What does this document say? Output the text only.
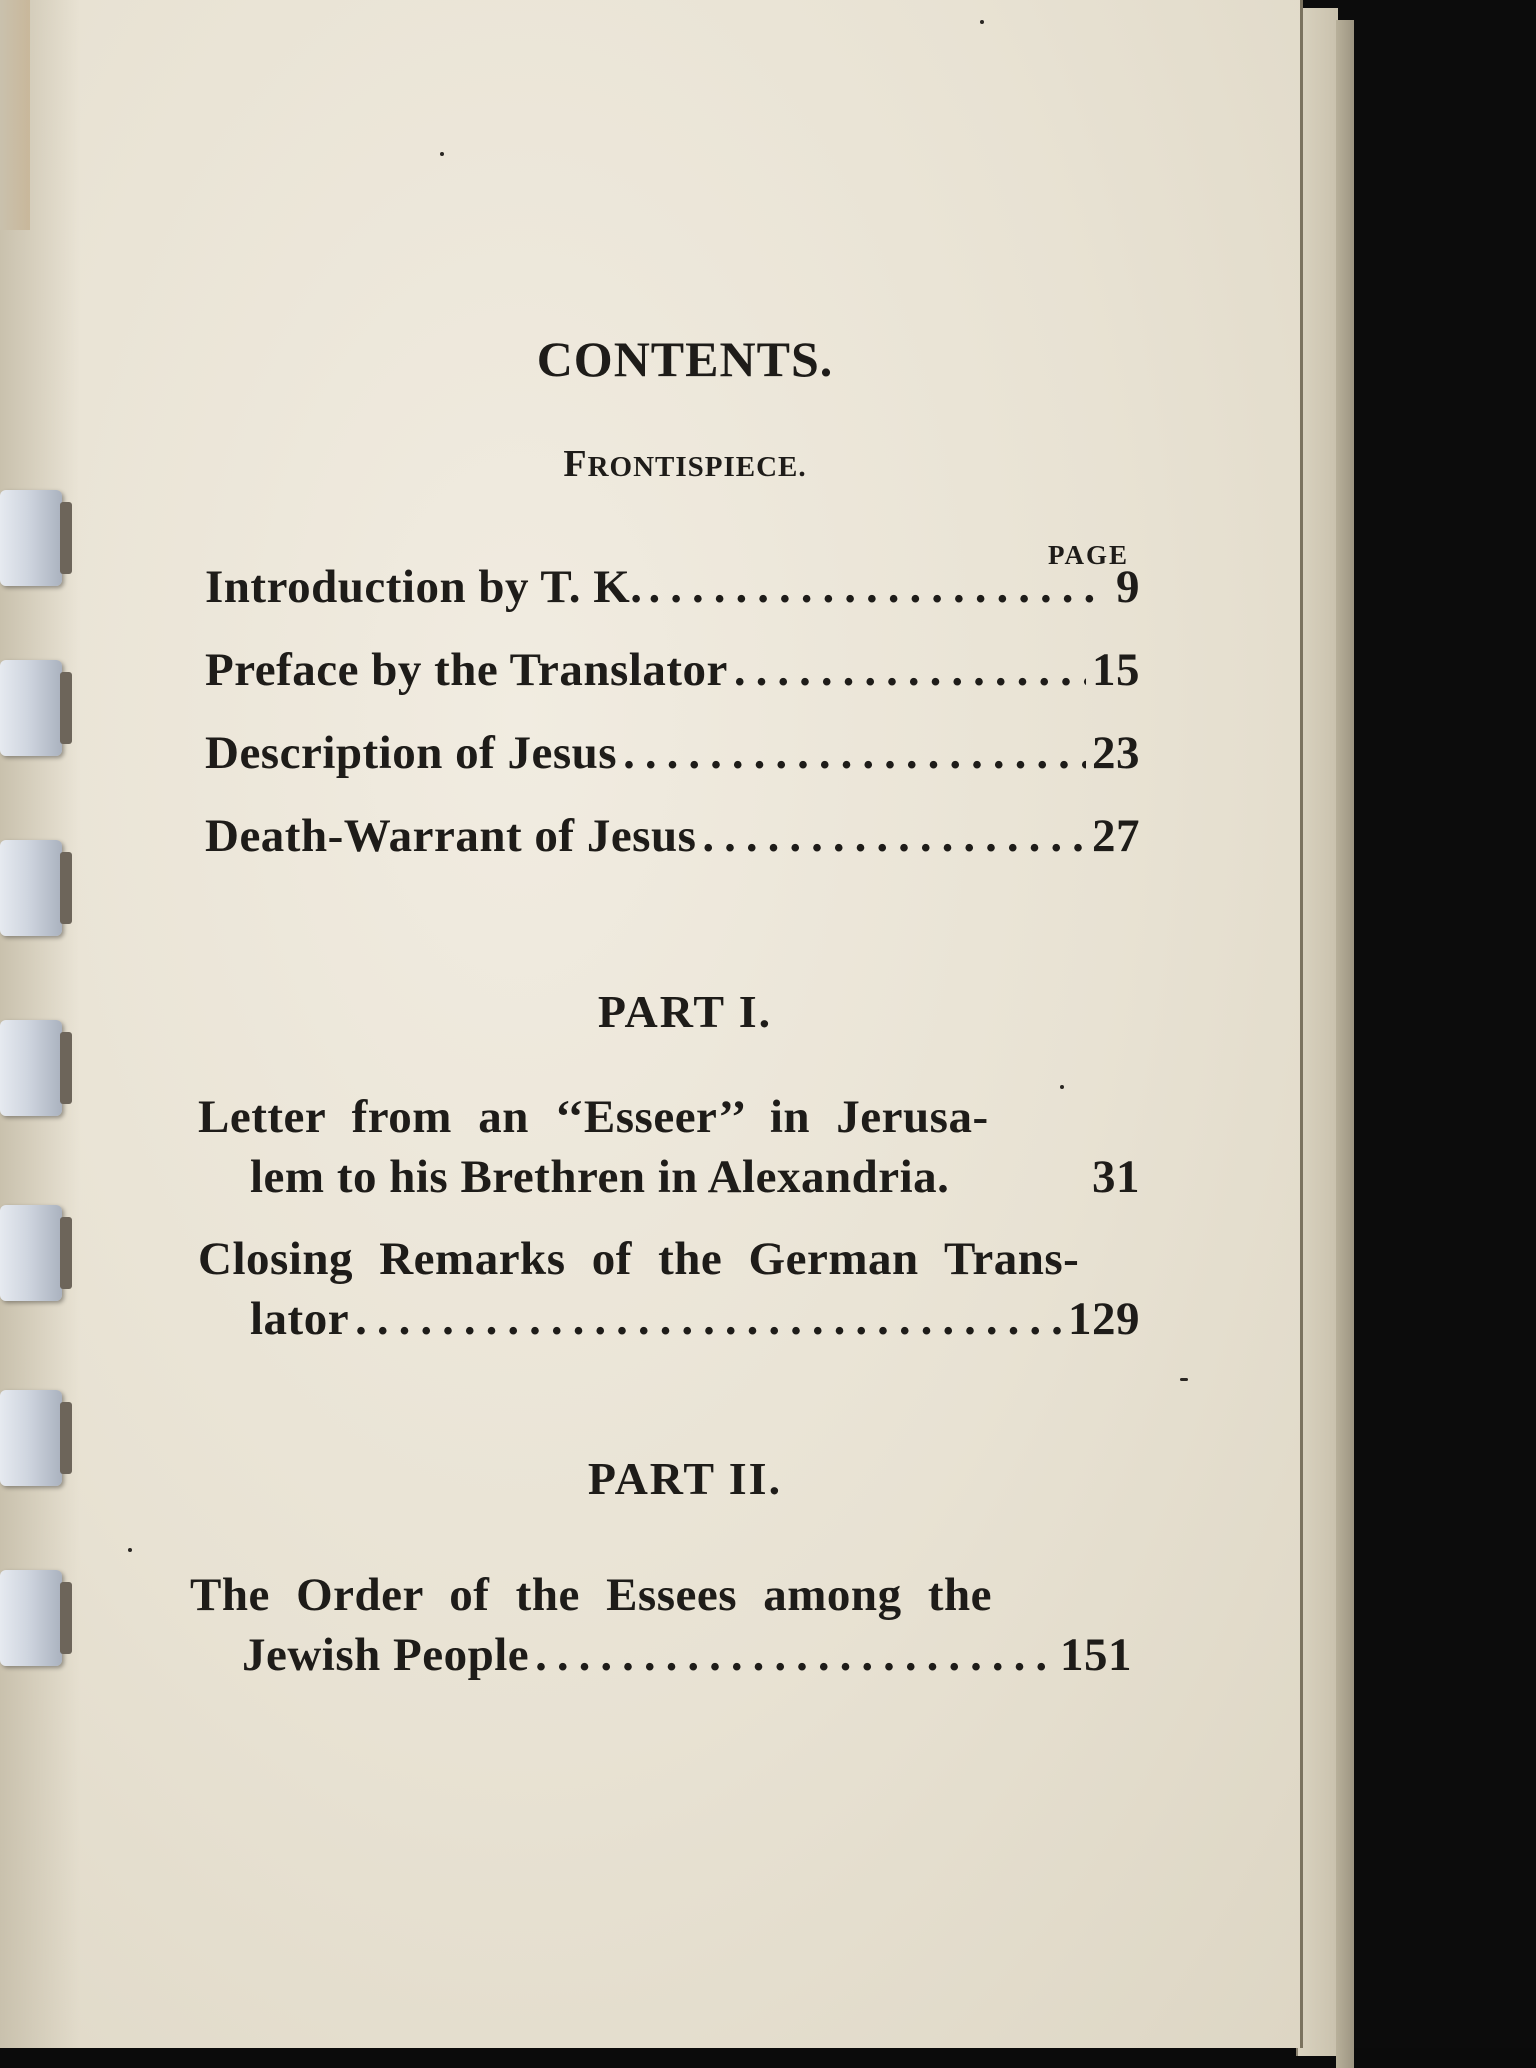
CONTENTS.
FRONTISPIECE.
PAGE
Introduction by T. K. .....	9
Preface by the Translator .....	15
Description of Jesus .....	23
Death-Warrant of Jesus .....	27
PART I.
Letter from an ‘‘Esseer’’ in Jerusa-
lem to his Brethren in Alexandria.	31
Closing Remarks of the German Trans-
lator .....	129
PART II.
The Order of the Essees among the
Jewish People .....	151
